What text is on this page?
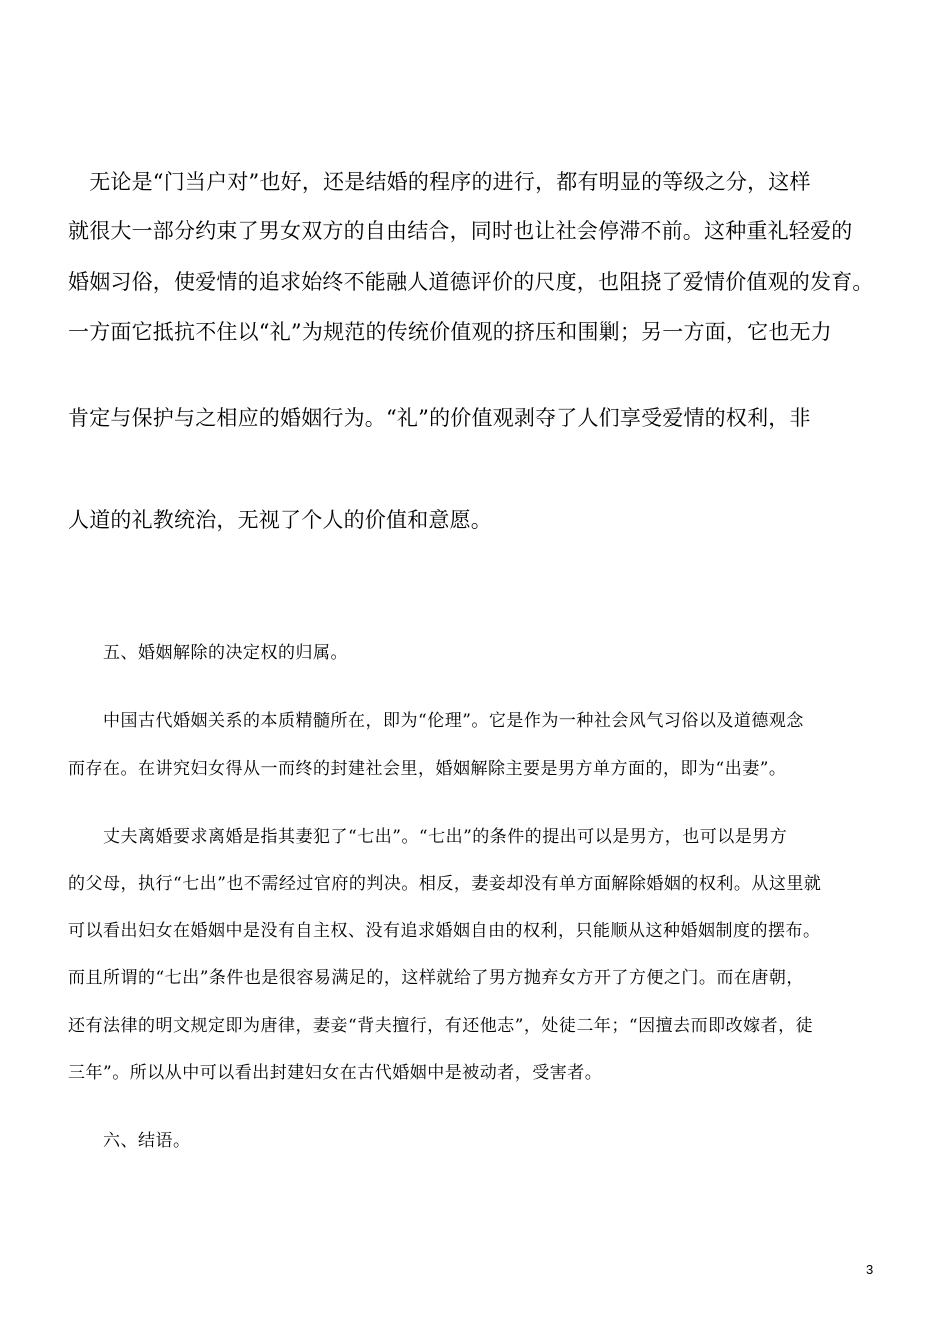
　无论是“门当户对”也好，还是结婚的程序的进行，都有明显的等级之分，这样

就很大一部分约束了男女双方的自由结合，同时也让社会停滞不前。这种重礼轻爱的

婚姻习俗，使爱情的追求始终不能融人道德评价的尺度，也阻挠了爱情价值观的发育。

一方面它抵抗不住以“礼”为规范的传统价值观的挤压和围剿；另一方面，它也无力

肯定与保护与之相应的婚姻行为。“礼”的价值观剥夺了人们享受爱情的权利，非

人道的礼教统治，无视了个人的价值和意愿。

　　五、婚姻解除的决定权的归属。

　　中国古代婚姻关系的本质精髓所在，即为“伦理”。它是作为一种社会风气习俗以及道德观念

而存在。在讲究妇女得从一而终的封建社会里，婚姻解除主要是男方单方面的，即为“出妻”。

　　丈夫离婚要求离婚是指其妻犯了“七出”。“七出”的条件的提出可以是男方，也可以是男方

的父母，执行“七出”也不需经过官府的判决。相反，妻妾却没有单方面解除婚姻的权利。从这里就

可以看出妇女在婚姻中是没有自主权、没有追求婚姻自由的权利，只能顺从这种婚姻制度的摆布。

而且所谓的“七出”条件也是很容易满足的，这样就给了男方抛弃女方开了方便之门。而在唐朝，

还有法律的明文规定即为唐律，妻妾“背夫擅行，有还他志”，处徒二年；“因擅去而即改嫁者，徒

三年”。所以从中可以看出封建妇女在古代婚姻中是被动者，受害者。

　　六、结语。

3
